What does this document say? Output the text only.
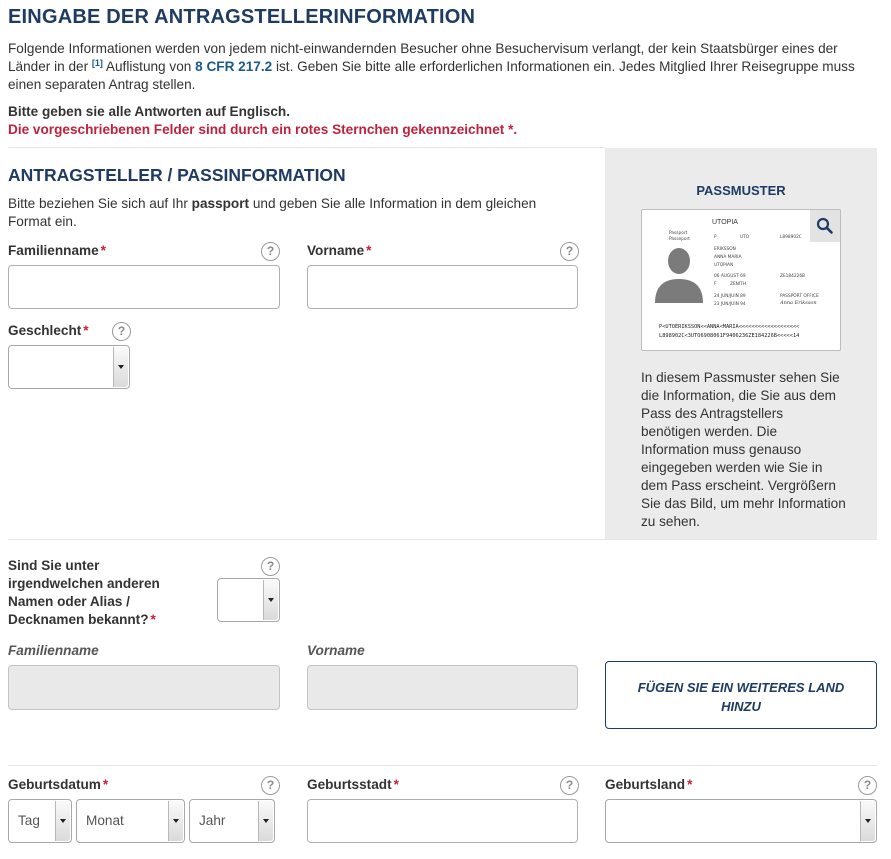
EINGABE DER ANTRAGSTELLERINFORMATION
Folgende Informationen werden von jedem nicht-einwandernden Besucher ohne Besuchervisum verlangt, der kein Staatsbürger eines der Länder in der [1] Auflistung von 8 CFR 217.2 ist. Geben Sie bitte alle erforderlichen Informationen ein. Jedes Mitglied Ihrer Reisegruppe muss einen separaten Antrag stellen.
Bitte geben sie alle Antworten auf Englisch.
Die vorgeschriebenen Felder sind durch ein rotes Sternchen gekennzeichnet *.
PASSMUSTER
Passport
Passeport
UTOPIA
P	UTO	L898902C
ERIKSSON
ANNA MARIA
UTOPIAN
06 AUGUST 69	ZE184226B
F	ZENITH
24 JUN/JUIN 89	PASSPORT OFFICE
23 JUN/JUIN 94	Anna Eriksson
P<UTOERIKSSON<<ANNA<MARIA<<<<<<<<<<<<<<<<<<<
L898902C<3UTO6908061F9406236ZE184226B<<<<<14
In diesem Passmuster sehen Sie die Information, die Sie aus dem Pass des Antragstellers benötigen werden. Die Information muss genauso eingegeben werden wie Sie in dem Pass erscheint. Vergrößern Sie das Bild, um mehr Information zu sehen.
ANTRAGSTELLER / PASSINFORMATION
Bitte beziehen Sie sich auf Ihr passport und geben Sie alle Information in dem gleichen Format ein.
Familienname *	?	Vorname *	?
Geschlecht *	?
Sind Sie unter
irgendwelchen anderen
Namen oder Alias /
Decknamen bekannt? *
?
Familienname	Vorname
FÜGEN SIE EIN WEITERES LAND
HINZU
Geburtsdatum *	?
Tag	Monat	Jahr
Geburtsstadt *	?	Geburtsland *	?
